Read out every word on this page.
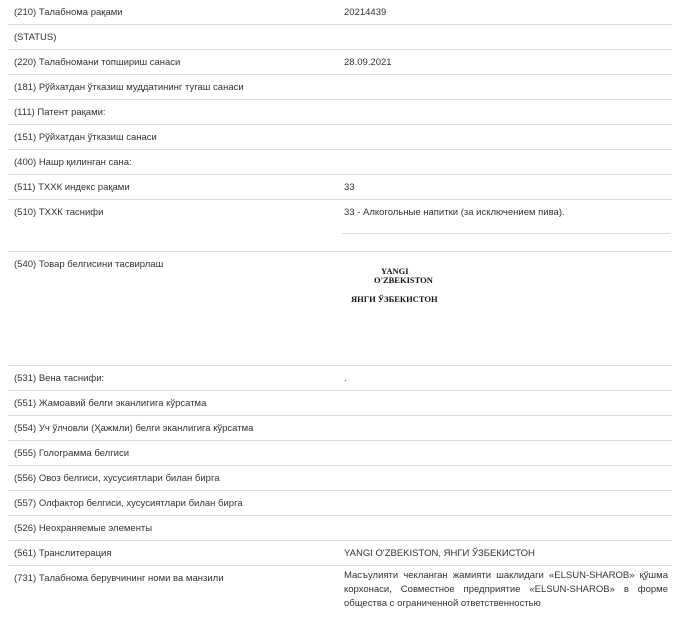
(210) Талабнома рақами	20214439
(STATUS)
(220) Талабномани топшириш санаси	28.09.2021
(181) Рўйхатдан ўтказиш муддатининг тугаш санаси
(111) Патент рақами:
(151) Рўйхатдан ўтказиш санаси
(400) Нашр қилинган сана:
(511) ТХХК индекс рақами	33
(510) ТХХК таснифи	33 - Алкогольные напитки (за исключением пива).
(540) Товар белгисини тасвирлаш
YANGI
O'ZBEKISTON
ЯНГИ ЎЗБЕКИСТОН
(531) Вена таснифи:	.
(551) Жамоавий белги эканлигига кўрсатма
(554) Уч ўлчовли (Ҳажмли) белги эканлигига кўрсатма
(555) Голограмма белгиси
(556) Овоз белгиси, хусусиятлари билан бирга
(557) Олфактор белгиси, хусусиятлари билан бирга
(526) Неохраняемые элементы
(561) Транслитерация	YANGI O'ZBEKISTON, ЯНГИ ЎЗБЕКИСТОН
(731) Талабнома берувчининг номи ва манзили	Масъулияти чекланган жамияти шаклидаги «ELSUN-SHAROB» қўшма корхонаси, Совместное предприятие «ELSUN-SHAROB» в форме общества с ограниченной ответственностью
